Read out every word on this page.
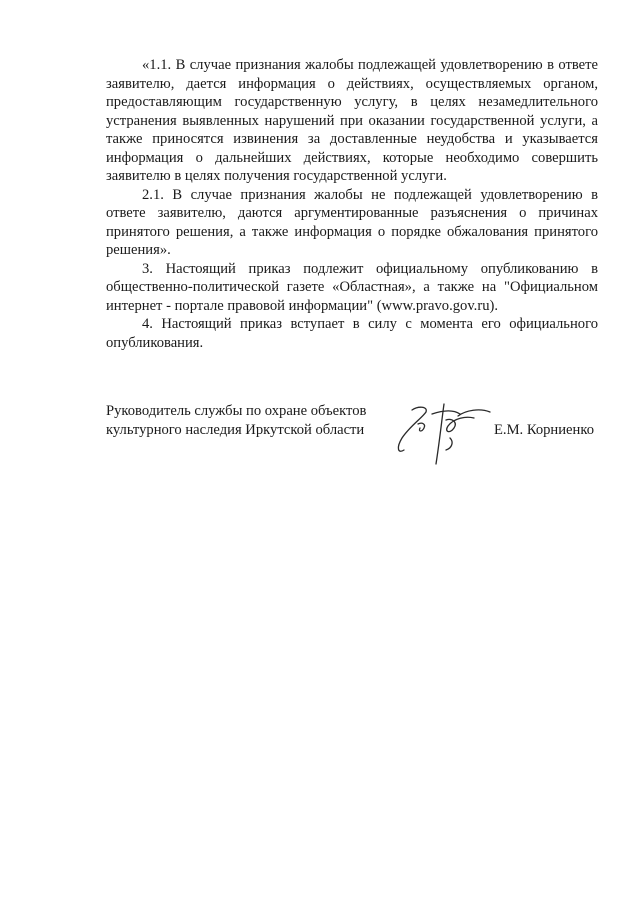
«1.1. В случае признания жалобы подлежащей удовлетворению в ответе заявителю, дается информация о действиях, осуществляемых органом, предоставляющим государственную услугу, в целях незамедлительного устранения выявленных нарушений при оказании государственной услуги, а также приносятся извинения за доставленные неудобства и указывается информация о дальнейших действиях, которые необходимо совершить заявителю в целях получения государственной услуги.

2.1. В случае признания жалобы не подлежащей удовлетворению в ответе заявителю, даются аргументированные разъяснения о причинах принятого решения, а также информация о порядке обжалования принятого решения».

3. Настоящий приказ подлежит официальному опубликованию в общественно-политической газете «Областная», а также на "Официальном интернет - портале правовой информации" (www.pravo.gov.ru).

4. Настоящий приказ вступает в силу с момента его официального опубликования.

Руководитель службы по охране объектов
культурного наследия Иркутской области	Е.М. Корниенко
